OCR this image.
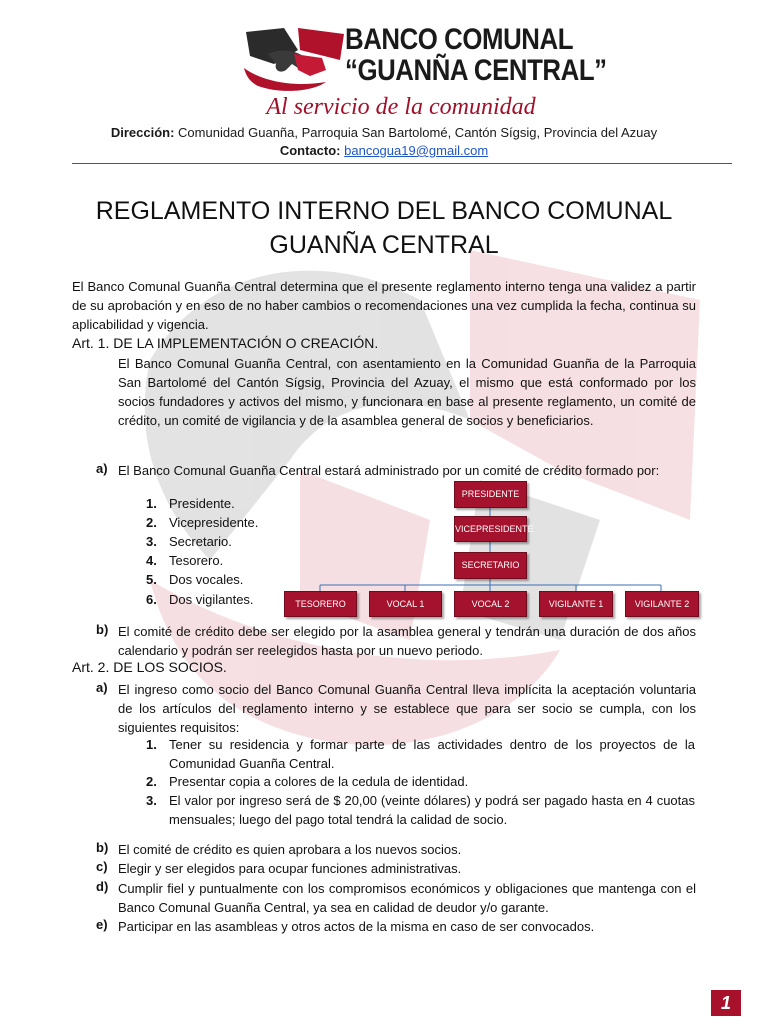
BANCO COMUNAL
“GUANÑA CENTRAL”
Al servicio de la comunidad
Dirección: Comunidad Guanña, Parroquia San Bartolomé, Cantón Sígsig, Provincia del Azuay
Contacto: bancogua19@gmail.com
REGLAMENTO INTERNO DEL BANCO COMUNAL GUANÑA CENTRAL
El Banco Comunal Guanña Central determina que el presente reglamento interno tenga una validez a partir de su aprobación y en eso de no haber cambios o recomendaciones una vez cumplida la fecha, continua su aplicabilidad y vigencia.
Art. 1. DE LA IMPLEMENTACIÓN O CREACIÓN.
El Banco Comunal Guanña Central, con asentamiento en la Comunidad Guanña de la Parroquia San Bartolomé del Cantón Sígsig, Provincia del Azuay, el mismo que está conformado por los socios fundadores y activos del mismo, y funcionara en base al presente reglamento, un comité de crédito, un comité de vigilancia y de la asamblea general de socios y beneficiarios.
a) El Banco Comunal Guanña Central estará administrado por un comité de crédito formado por:
1. Presidente.
2. Vicepresidente.
3. Secretario.
4. Tesorero.
5. Dos vocales.
6. Dos vigilantes.
PRESIDENTE
VICEPRESIDENTE
SECRETARIO
TESORERO	VOCAL 1	VOCAL 2	VIGILANTE 1	VIGILANTE 2
b) El comité de crédito debe ser elegido por la asamblea general y tendrán una duración de dos años calendario y podrán ser reelegidos hasta por un nuevo periodo.
Art. 2. DE LOS SOCIOS.
a) El ingreso como socio del Banco Comunal Guanña Central lleva implícita la aceptación voluntaria de los artículos del reglamento interno y se establece que para ser socio se cumpla, con los siguientes requisitos:
1. Tener su residencia y formar parte de las actividades dentro de los proyectos de la Comunidad Guanña Central.
2. Presentar copia a colores de la cedula de identidad.
3. El valor por ingreso será de $ 20,00 (veinte dólares) y podrá ser pagado hasta en 4 cuotas mensuales; luego del pago total tendrá la calidad de socio.
b) El comité de crédito es quien aprobara a los nuevos socios.
c) Elegir y ser elegidos para ocupar funciones administrativas.
d) Cumplir fiel y puntualmente con los compromisos económicos y obligaciones que mantenga con el Banco Comunal Guanña Central, ya sea en calidad de deudor y/o garante.
e) Participar en las asambleas y otros actos de la misma en caso de ser convocados.
1
